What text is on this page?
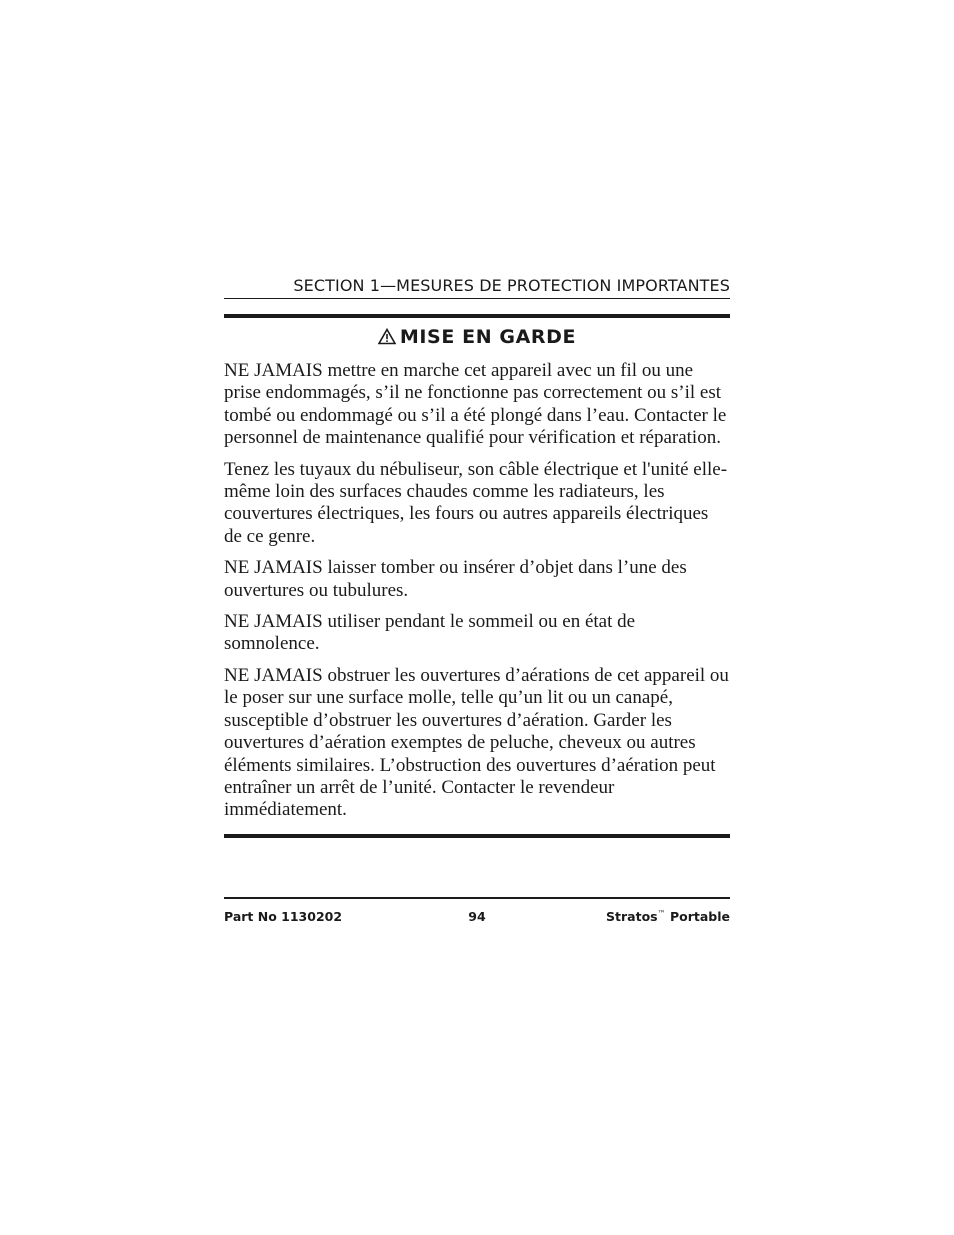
SECTION 1—MESURES DE PROTECTION IMPORTANTES
MISE EN GARDE

NE JAMAIS mettre en marche cet appareil avec un fil ou une prise endommagés, s’il ne fonctionne pas correctement ou s’il est tombé ou endommagé ou s’il a été plongé dans l’eau. Contacter le personnel de maintenance qualifié pour vérification et réparation.

Tenez les tuyaux du nébuliseur, son câble électrique et l'unité elle-même loin des surfaces chaudes comme les radiateurs, les couvertures électriques, les fours ou autres appareils électriques de ce genre.

NE JAMAIS laisser tomber ou insérer d’objet dans l’une des ouvertures ou tubulures.

NE JAMAIS utiliser pendant le sommeil ou en état de somnolence.

NE JAMAIS obstruer les ouvertures d’aérations de cet appareil ou le poser sur une surface molle, telle qu’un lit ou un canapé, susceptible d’obstruer les ouvertures d’aération. Garder les ouvertures d’aération exemptes de peluche, cheveux ou autres éléments similaires. L’obstruction des ouvertures d’aération peut entraîner un arrêt de l’unité. Contacter le revendeur immédiatement.

Part No 1130202	94	Stratos™ Portable
